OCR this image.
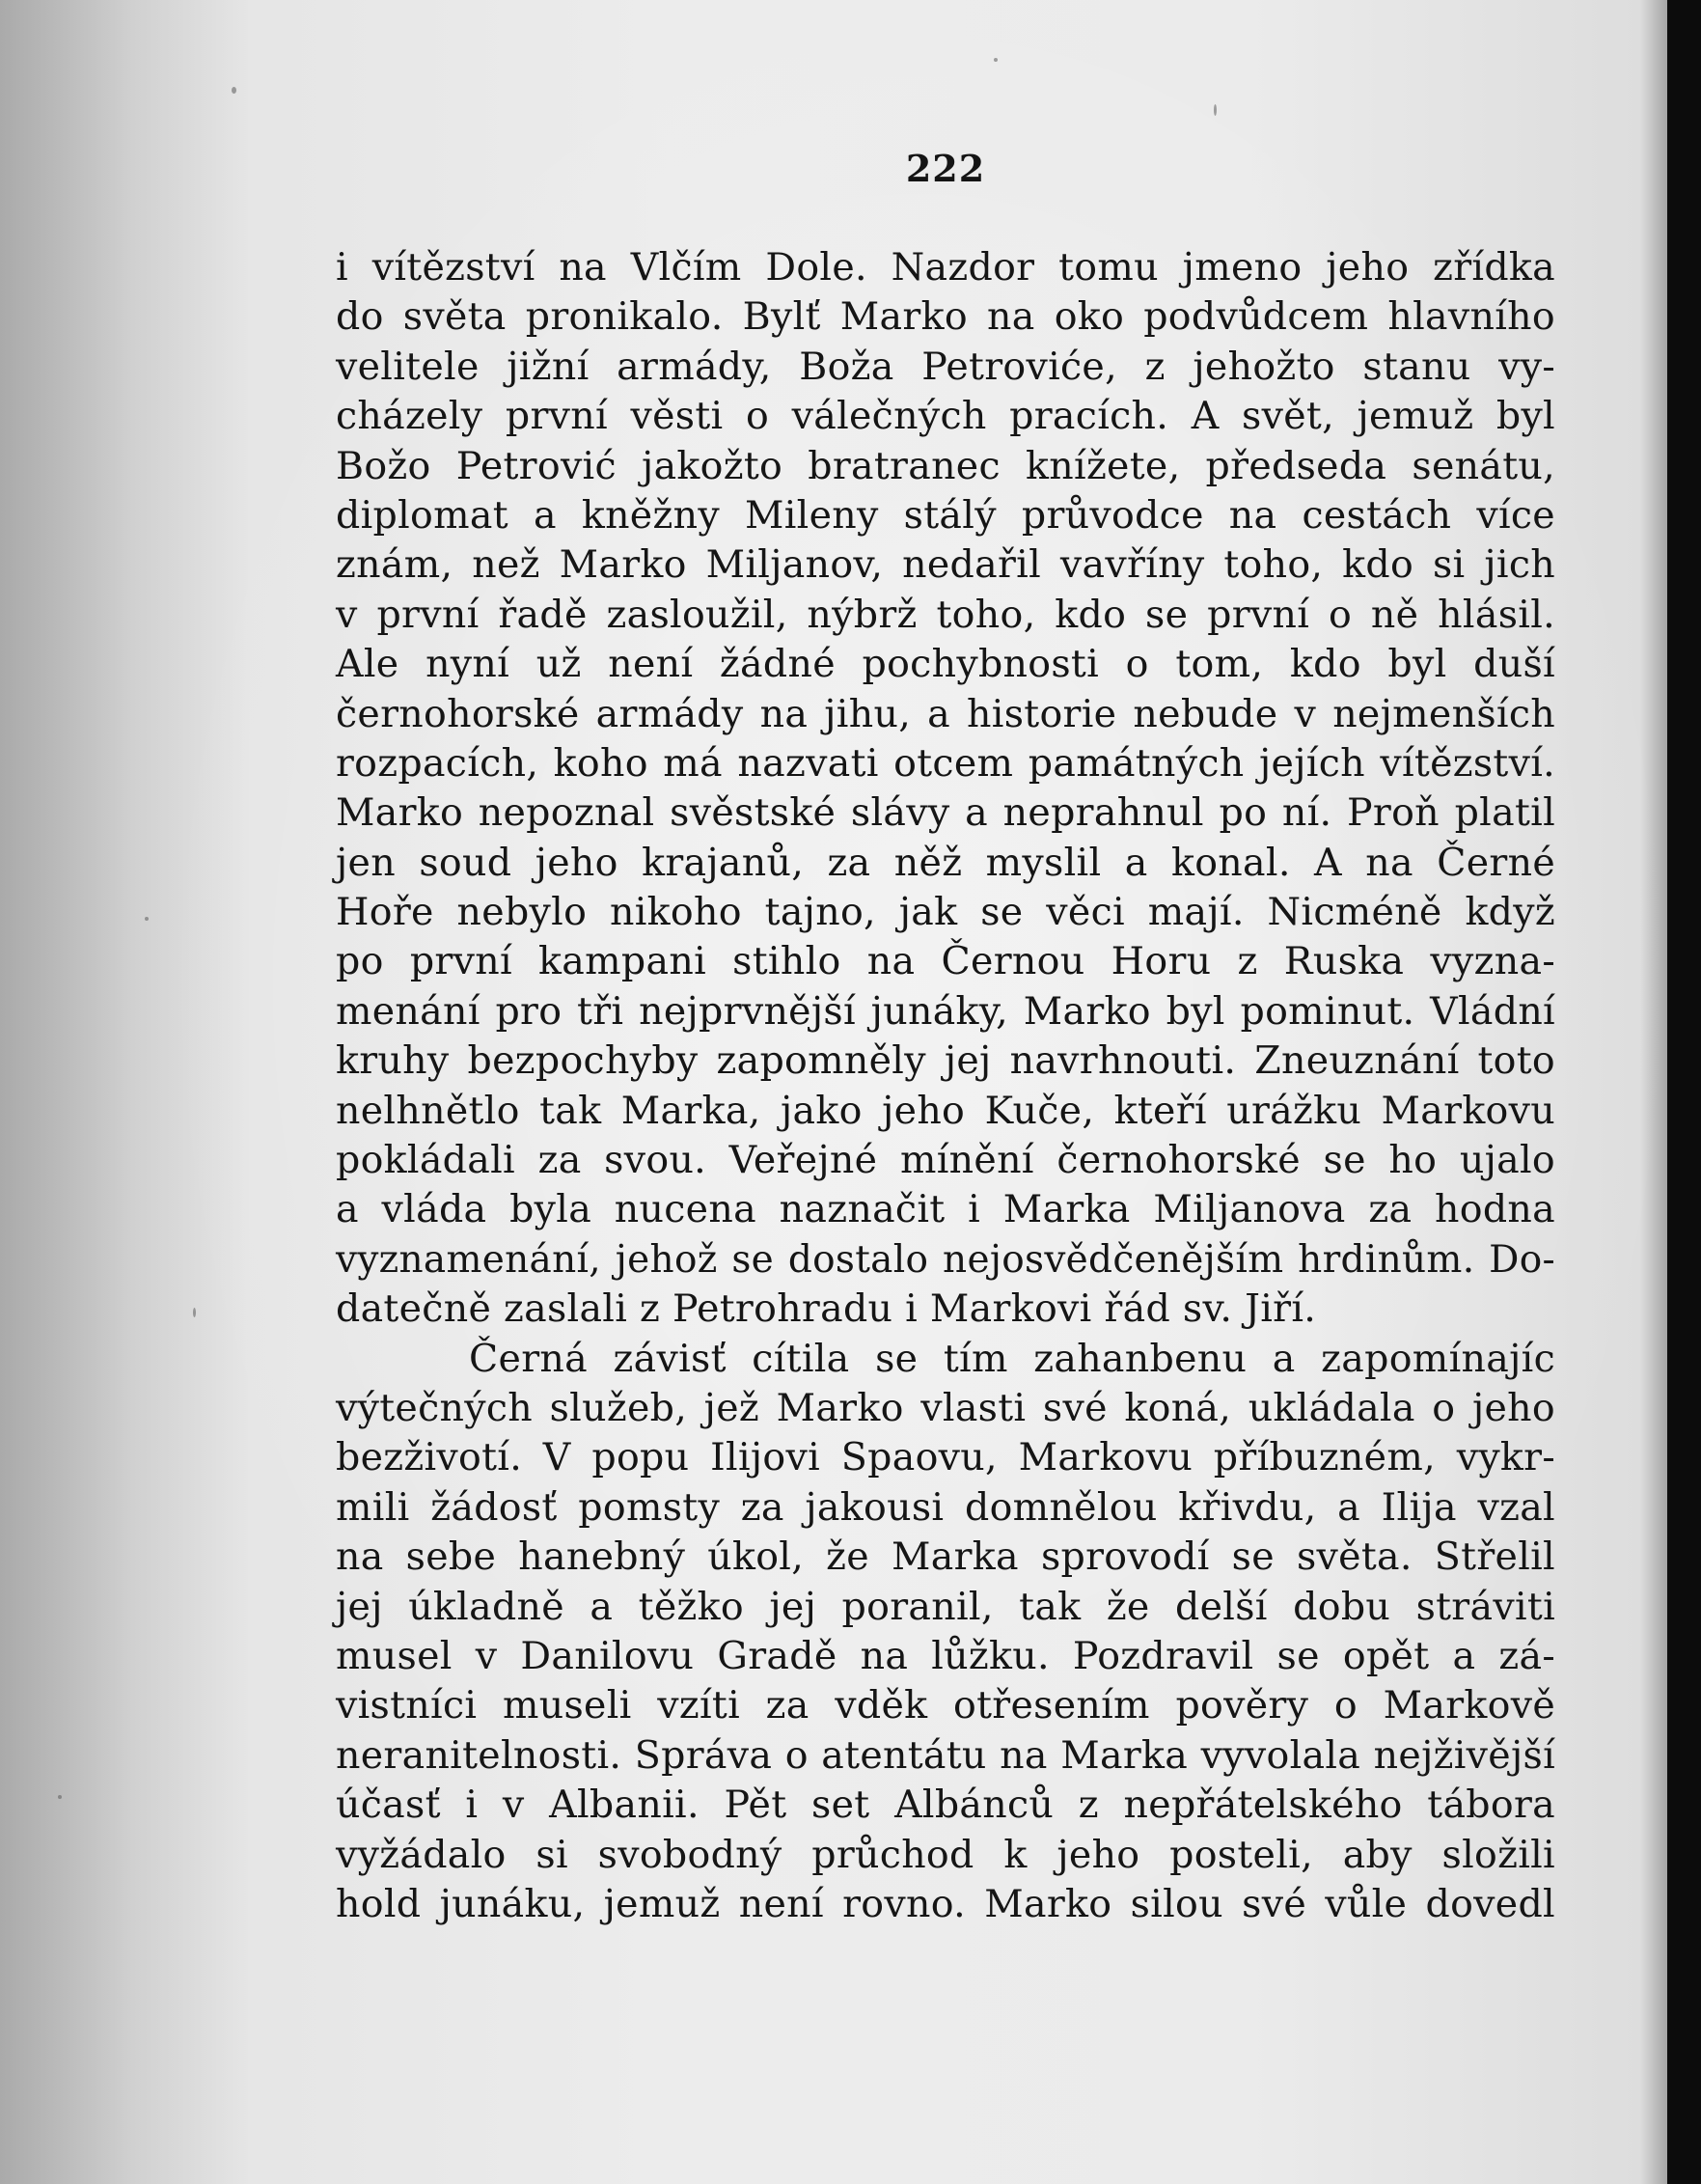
222
i vítězství na Vlčím Dole. Nazdor tomu jmeno jeho zřídka
do světa pronikalo. Bylť Marko na oko podvůdcem hlavního
velitele jižní armády, Boža Petroviće, z jehožto stanu vy-
cházely první věsti o válečných pracích. A svět, jemuž byl
Božo Petrović jakožto bratranec knížete, předseda senátu,
diplomat a kněžny Mileny stálý průvodce na cestách více
znám, než Marko Miljanov, nedařil vavříny toho, kdo si jich
v první řadě zasloužil, nýbrž toho, kdo se první o ně hlásil.
Ale nyní už není žádné pochybnosti o tom, kdo byl duší
černohorské armády na jihu, a historie nebude v nejmenších
rozpacích, koho má nazvati otcem památných jejích vítězství.
Marko nepoznal svěstské slávy a neprahnul po ní. Proň platil
jen soud jeho krajanů, za něž myslil a konal. A na Černé
Hoře nebylo nikoho tajno, jak se věci mají. Nicméně když
po první kampani stihlo na Černou Horu z Ruska vyzna-
menání pro tři nejprvnější junáky, Marko byl pominut. Vládní
kruhy bezpochyby zapomněly jej navrhnouti. Zneuznání toto
nelhnětlo tak Marka, jako jeho Kuče, kteří urážku Markovu
pokládali za svou. Veřejné mínění černohorské se ho ujalo
a vláda byla nucena naznačit i Marka Miljanova za hodna
vyznamenání, jehož se dostalo nejosvědčenějším hrdinům. Do-
datečně zaslali z Petrohradu i Markovi řád sv. Jiří.
Černá závisť cítila se tím zahanbenu a zapomínajíc
výtečných služeb, jež Marko vlasti své koná, ukládala o jeho
bezživotí. V popu Ilijovi Spaovu, Markovu příbuzném, vykr-
mili žádosť pomsty za jakousi domnělou křivdu, a Ilija vzal
na sebe hanebný úkol, že Marka sprovodí se světa. Střelil
jej úkladně a těžko jej poranil, tak že delší dobu stráviti
musel v Danilovu Gradě na lůžku. Pozdravil se opět a zá-
vistníci museli vzíti za vděk otřesením pověry o Markově
neranitelnosti. Správa o atentátu na Marka vyvolala nejživější
účasť i v Albanii. Pět set Albánců z nepřátelského tábora
vyžádalo si svobodný průchod k jeho posteli, aby složili
hold junáku, jemuž není rovno. Marko silou své vůle dovedl
